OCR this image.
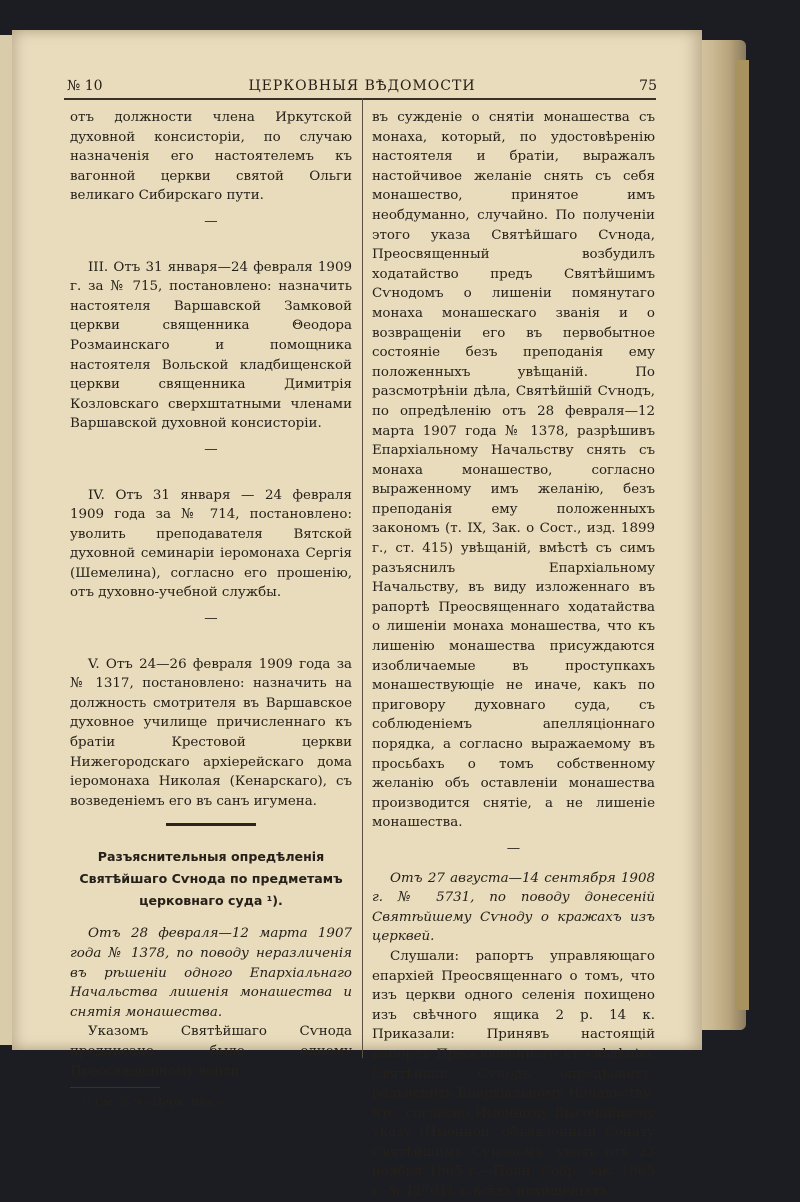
ЦЕРКОВНЫЯ ВѢДОМОСТИ
№ 10	75

отъ должности члена Иркутской духовной консисторіи, по случаю назначенія его настоятелемъ къ вагонной церкви святой Ольги великаго Сибирскаго пути.

—

III. Отъ 31 января—24 февраля 1909 г. за № 715, постановлено: назначить настоятеля Варшавской Замковой церкви священника Θеодора Розмаинскаго и помощника настоятеля Вольской кладбищенской церкви священника Димитрія Козловскаго сверхштатными членами Варшавской духовной консисторіи.

—

IV. Отъ 31 января — 24 февраля 1909 года за № 714, постановлено: уволить преподавателя Вятской духовной семинаріи іеромонаха Сергія (Шемелина), согласно его прошенію, отъ духовно-учебной службы.

—

V. Отъ 24—26 февраля 1909 года за № 1317, постановлено: назначить на должность смотрителя въ Варшавское духовное училище причисленнаго къ братіи Крестовой церкви Нижегородскаго архіерейскаго дома іеромонаха Николая (Кенарскаго), съ возведеніемъ его въ санъ игумена.

Разъяснительныя опредѣленія Святѣйшаго Сѵнода по предметамъ церковнаго суда ¹).

Отъ 28 февраля—12 марта 1907 года № 1378, по поводу неразличенія въ рѣшеніи одного Епархіальнаго Начальства лишенія монашества и снятія монашества.

Указомъ Святѣйшаго Сѵнода предписано было одному Преосвященному войти

¹) См. № 9 «Церк. Вѣд.».

въ сужденіе о снятіи монашества съ монаха, который, по удостовѣренію настоятеля и братіи, выражалъ настойчивое желаніе снять съ себя монашество, принятое имъ необдуманно, случайно. По полученіи этого указа Святѣйшаго Сѵнода, Преосвященный возбудилъ ходатайство предъ Святѣйшимъ Сѵнодомъ о лишеніи помянутаго монаха монашескаго званія и о возвращеніи его въ первобытное состояніе безъ преподанія ему положенныхъ увѣщаній. По разсмотрѣніи дѣла, Святѣйшій Сѵнодъ, по опредѣленію отъ 28 февраля—12 марта 1907 года № 1378, разрѣшивъ Епархіальному Начальству снять съ монаха монашество, согласно выраженному имъ желанію, безъ преподанія ему положенныхъ закономъ (т. IX, Зак. о Сост., изд. 1899 г., ст. 415) увѣщаній, вмѣстѣ съ симъ разъяснилъ Епархіальному Начальству, въ виду изложеннаго въ рапортѣ Преосвященнаго ходатайства о лишеніи монаха монашества, что къ лишенію монашества присуждаются изобличаемые въ проступкахъ монашествующіе не иначе, какъ по приговору духовнаго суда, съ соблюденіемъ апелляціоннаго порядка, а согласно выражаемому въ просьбахъ о томъ собственному желанію объ оставленіи монашества производится снятіе, а не лишеніе монашества.

—

Отъ 27 августа—14 сентября 1908 г. № 5731, по поводу донесеній Святѣйшему Сѵноду о кражахъ изъ церквей.

Слушали: рапортъ управляющаго епархіей Преосвященнаго о томъ, что изъ церкви одного селенія похищено изъ свѣчного ящика 2 р. 14 к. Приказали: Принявъ настоящій рапортъ Преосвященнаго къ свѣдѣнію, Святѣйшій Сѵнодъ опредѣляетъ: разъяснить Епархіальному Начальству, что, согласно Именному Высочайшему указу (Именной, объявленный Сенату Святѣйшимъ Сѵнодомъ, указъ отъ 23 ноября 1865 г.—Полн. Собр. Зак. 1865 г. № 42701), о всѣхъ похищеніяхъ
